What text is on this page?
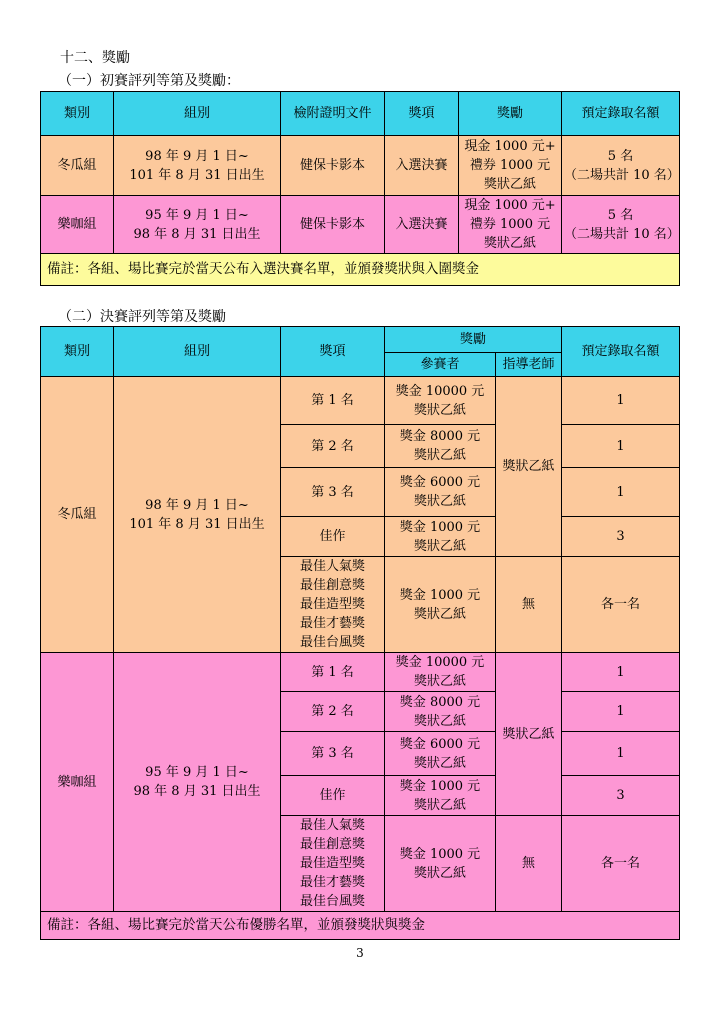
十二、獎勵
（一）初賽評列等第及獎勵：
類別	組別	檢附證明文件	獎項	獎勵	預定錄取名額
冬瓜組	98 年 9 月 1 日~
101 年 8 月 31 日出生	健保卡影本	入選決賽	現金 1000 元+
禮券 1000 元
獎狀乙紙	5 名
（二場共計 10 名）

樂咖組	95 年 9 月 1 日~
98 年 8 月 31 日出生	健保卡影本	入選決賽	現金 1000 元+
禮券 1000 元
獎狀乙紙	5 名
（二場共計 10 名）

備註：各組、場比賽完於當天公布入選決賽名單，並頒發獎狀與入圍獎金					
（二）決賽評列等第及獎勵
類別	組別	獎項	獎勵		預定錄取名額
			參賽者	指導老師	
冬瓜組	98 年 9 月 1 日~
101 年 8 月 31 日出生	第 1 名	獎金 10000 元
獎狀乙紙	獎狀乙紙	1
		第 2 名	獎金 8000 元
獎狀乙紙		1
		第 3 名	獎金 6000 元
獎狀乙紙		1
		佳作	獎金 1000 元
獎狀乙紙		3

		最佳人氣獎
最佳創意獎
最佳造型獎
最佳才藝獎
最佳台風獎	獎金 1000 元
獎狀乙紙	無	各一名
樂咖組	95 年 9 月 1 日~
98 年 8 月 31 日出生	第 1 名	獎金 10000 元
獎狀乙紙	獎狀乙紙	1
		第 2 名	獎金 8000 元
獎狀乙紙		1
		第 3 名	獎金 6000 元
獎狀乙紙		1
		佳作	獎金 1000 元
獎狀乙紙		3

		最佳人氣獎
最佳創意獎
最佳造型獎
最佳才藝獎
最佳台風獎	獎金 1000 元
獎狀乙紙	無	各一名
備註：各組、場比賽完於當天公布優勝名單，並頒發獎狀與獎金					
3
